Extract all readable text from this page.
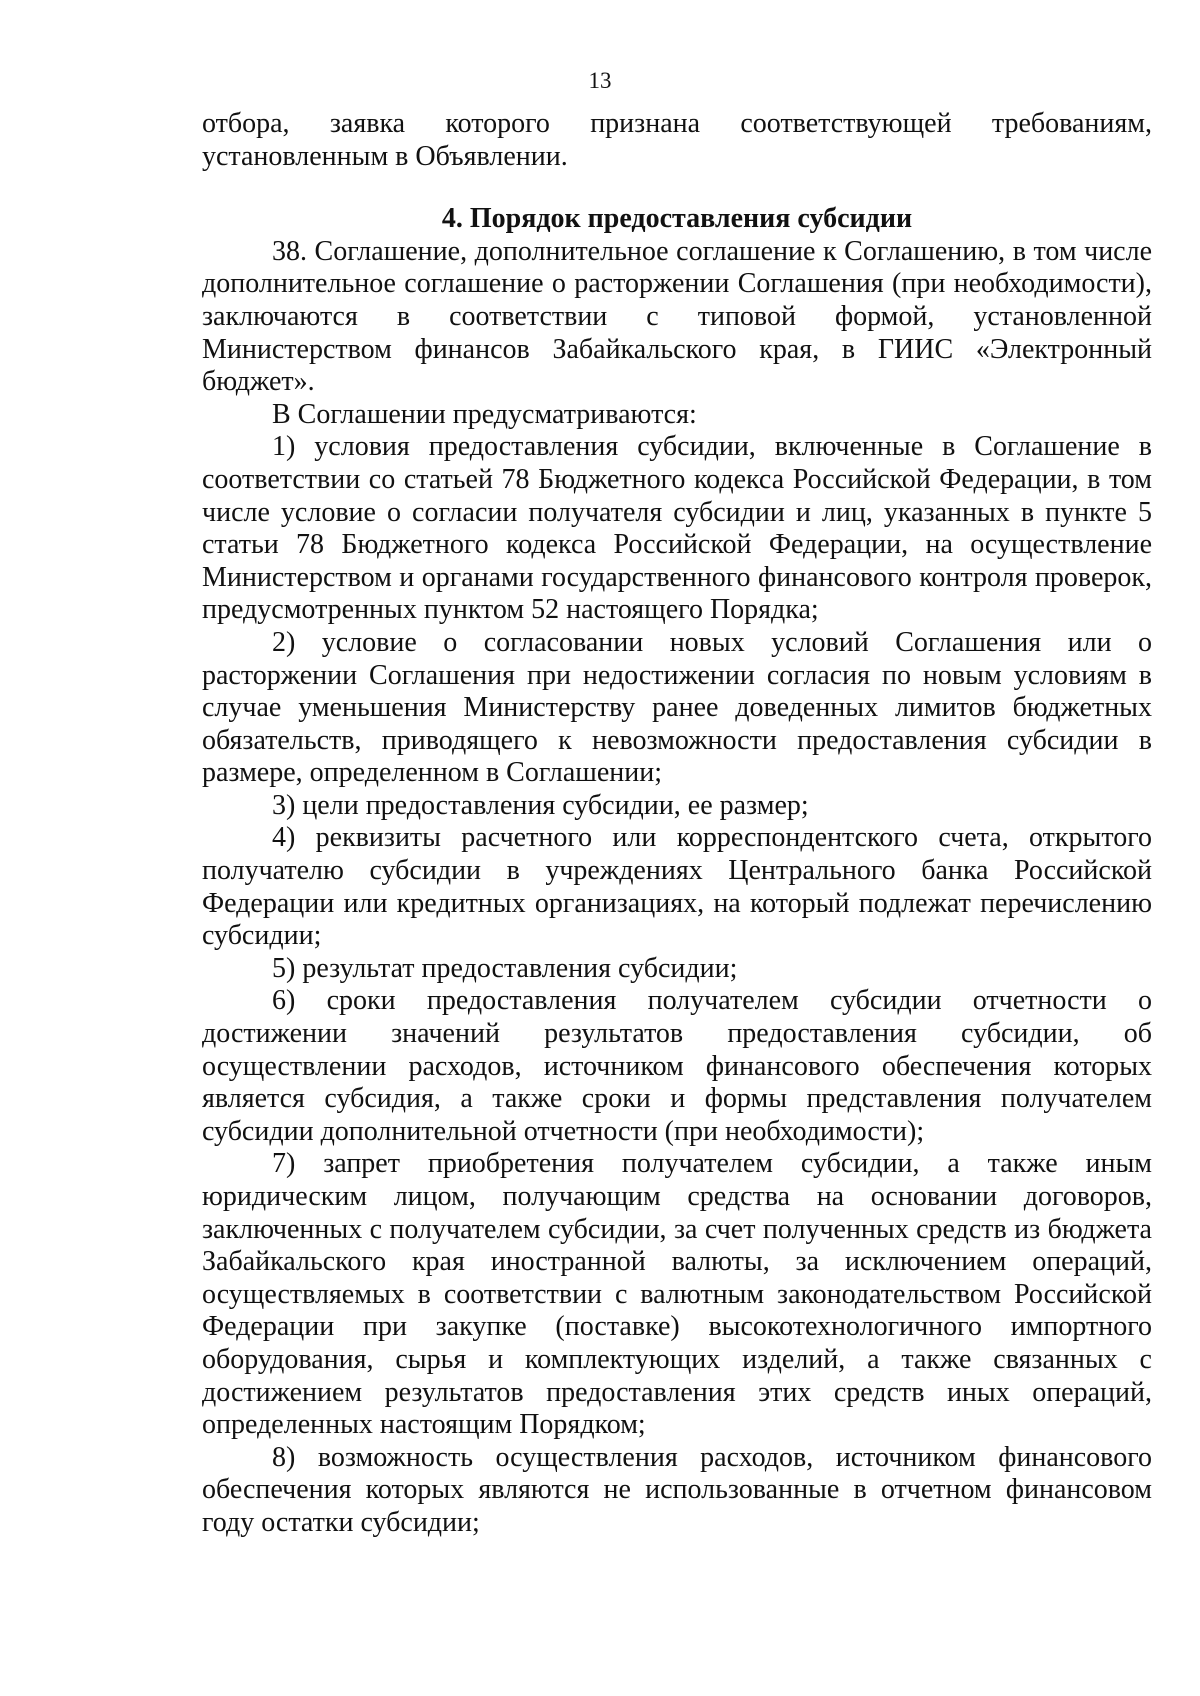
13

отбора, заявка которого признана соответствующей требованиям, установленным в Объявлении.

4. Порядок предоставления субсидии

38. Соглашение, дополнительное соглашение к Соглашению, в том числе дополнительное соглашение о расторжении Соглашения (при необходимости), заключаются в соответствии с типовой формой, установленной Министерством финансов Забайкальского края, в ГИИС «Электронный бюджет».

В Соглашении предусматриваются:

1) условия предоставления субсидии, включенные в Соглашение в соответствии со статьей 78 Бюджетного кодекса Российской Федерации, в том числе условие о согласии получателя субсидии и лиц, указанных в пункте 5 статьи 78 Бюджетного кодекса Российской Федерации, на осуществление Министерством и органами государственного финансового контроля проверок, предусмотренных пунктом 52 настоящего Порядка;

2) условие о согласовании новых условий Соглашения или о расторжении Соглашения при недостижении согласия по новым условиям в случае уменьшения Министерству ранее доведенных лимитов бюджетных обязательств, приводящего к невозможности предоставления субсидии в размере, определенном в Соглашении;

3) цели предоставления субсидии, ее размер;

4) реквизиты расчетного или корреспондентского счета, открытого получателю субсидии в учреждениях Центрального банка Российской Федерации или кредитных организациях, на который подлежат перечислению субсидии;

5) результат предоставления субсидии;

6) сроки предоставления получателем субсидии отчетности о достижении значений результатов предоставления субсидии, об осуществлении расходов, источником финансового обеспечения которых является субсидия, а также сроки и формы представления получателем субсидии дополнительной отчетности (при необходимости);

7) запрет приобретения получателем субсидии, а также иным юридическим лицом, получающим средства на основании договоров, заключенных с получателем субсидии, за счет полученных средств из бюджета Забайкальского края иностранной валюты, за исключением операций, осуществляемых в соответствии с валютным законодательством Российской Федерации при закупке (поставке) высокотехнологичного импортного оборудования, сырья и комплектующих изделий, а также связанных с достижением результатов предоставления этих средств иных операций, определенных настоящим Порядком;

8) возможность осуществления расходов, источником финансового обеспечения которых являются не использованные в отчетном финансовом году остатки субсидии;
